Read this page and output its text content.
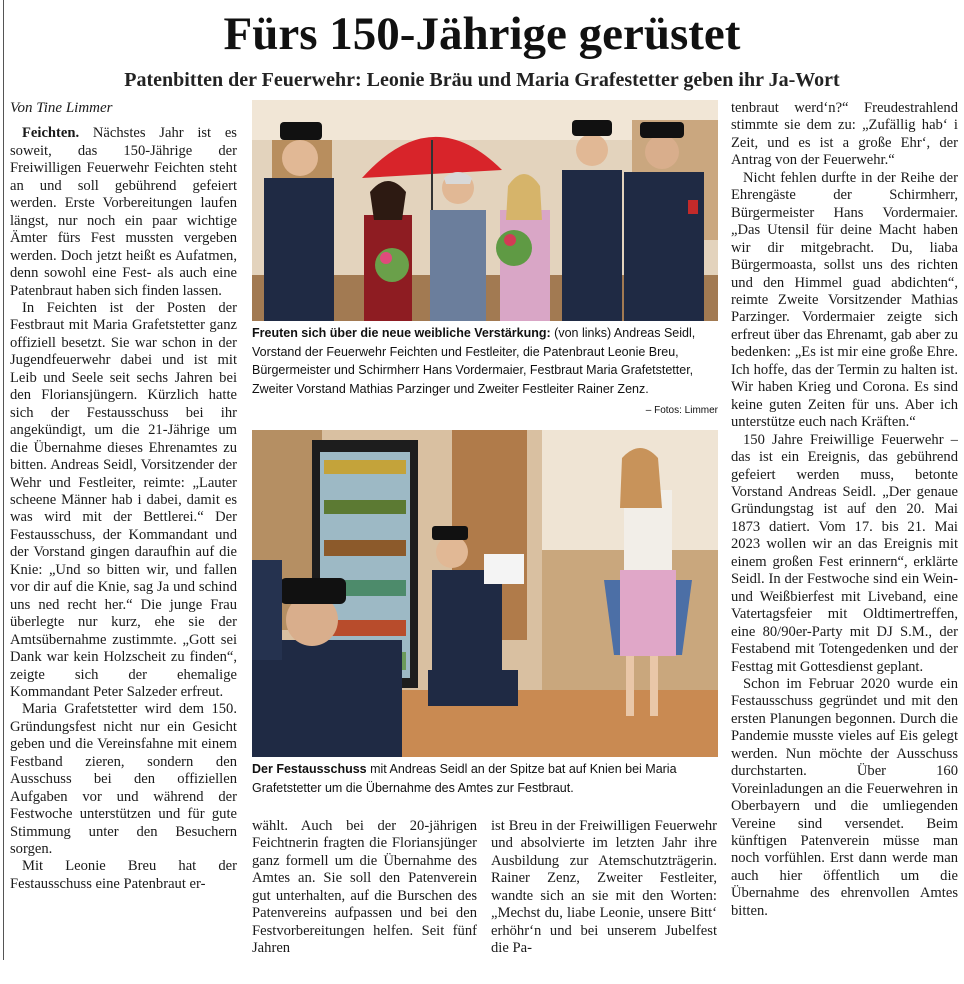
Fürs 150-Jährige gerüstet
Patenbitten der Feuerwehr: Leonie Bräu und Maria Grafestetter geben ihr Ja-Wort

Von Tine Limmer

Feichten. Nächstes Jahr ist es soweit, das 150-Jährige der Freiwilligen Feuerwehr Feichten steht an und soll gebührend gefeiert werden. Erste Vorbereitungen laufen längst, nur noch ein paar wichtige Ämter fürs Fest mussten vergeben werden. Doch jetzt heißt es Aufatmen, denn sowohl eine Fest- als auch eine Patenbraut haben sich finden lassen.

In Feichten ist der Posten der Festbraut mit Maria Grafetstetter ganz offiziell besetzt. Sie war schon in der Jugendfeuerwehr dabei und ist mit Leib und Seele seit sechs Jahren bei den Floriansjüngern. Kürzlich hatte sich der Festausschuss bei ihr angekündigt, um die 21-Jährige um die Übernahme dieses Ehrenamtes zu bitten. Andreas Seidl, Vorsitzender der Wehr und Festleiter, reimte: „Lauter scheene Männer hab i dabei, damit es was wird mit der Bettlerei.“ Der Festausschuss, der Kommandant und der Vorstand gingen daraufhin auf die Knie: „Und so bitten wir, und fallen vor dir auf die Knie, sag Ja und schind uns ned recht her.“ Die junge Frau überlegte nur kurz, ehe sie der Amtsübernahme zustimmte. „Gott sei Dank war kein Holzscheit zu finden“, zeigte sich der ehemalige Kommandant Peter Salzeder erfreut.

Maria Grafetstetter wird dem 150. Gründungsfest nicht nur ein Gesicht geben und die Vereinsfahne mit einem Festband zieren, sondern den Ausschuss bei den offiziellen Aufgaben vor und während der Festwoche unterstützen und für gute Stimmung unter den Besuchern sorgen.

Mit Leonie Breu hat der Festausschuss eine Patenbraut er-

Freuten sich über die neue weibliche Verstärkung: (von links) Andreas Seidl, Vorstand der Feuerwehr Feichten und Festleiter, die Patenbraut Leonie Breu, Bürgermeister und Schirmherr Hans Vordermaier, Festbraut Maria Grafetstetter, Zweiter Vorstand Mathias Parzinger und Zweiter Festleiter Rainer Zenz.
– Fotos: Limmer
Der Festausschuss mit Andreas Seidl an der Spitze bat auf Knien bei Maria Grafetstetter um die Übernahme des Amtes zur Festbraut.

wählt. Auch bei der 20-jährigen Feichtnerin fragten die Floriansjünger ganz formell um die Übernahme des Amtes an. Sie soll den Patenverein gut unterhalten, auf die Burschen des Patenvereins aufpassen und bei den Festvorbereitungen helfen. Seit fünf Jahren

ist Breu in der Freiwilligen Feuerwehr und absolvierte im letzten Jahr ihre Ausbildung zur Atemschutzträgerin. Rainer Zenz, Zweiter Festleiter, wandte sich an sie mit den Worten: „Mechst du, liabe Leonie, unsere Bitt‘ erhöhr‘n und bei unserem Jubelfest die Pa-

tenbraut werd‘n?“ Freudestrahlend stimmte sie dem zu: „Zufällig hab‘ i Zeit, und es ist a große Ehr‘, der Antrag von der Feuerwehr.“

Nicht fehlen durfte in der Reihe der Ehrengäste der Schirmherr, Bürgermeister Hans Vordermaier. „Das Utensil für deine Macht haben wir dir mitgebracht. Du, liaba Bürgermoasta, sollst uns des richten und den Himmel guad abdichten“, reimte Zweite Vorsitzender Mathias Parzinger. Vordermaier zeigte sich erfreut über das Ehrenamt, gab aber zu bedenken: „Es ist mir eine große Ehre. Ich hoffe, das der Termin zu halten ist. Wir haben Krieg und Corona. Es sind keine guten Zeiten für uns. Aber ich unterstütze euch nach Kräften.“

150 Jahre Freiwillige Feuerwehr – das ist ein Ereignis, das gebührend gefeiert werden muss, betonte Vorstand Andreas Seidl. „Der genaue Gründungstag ist auf den 20. Mai 1873 datiert. Vom 17. bis 21. Mai 2023 wollen wir an das Ereignis mit einem großen Fest erinnern“, erklärte Seidl. In der Festwoche sind ein Wein- und Weißbierfest mit Liveband, eine Vatertagsfeier mit Oldtimertreffen, eine 80/90er-Party mit DJ S.M., der Festabend mit Totengedenken und der Festtag mit Gottesdienst geplant.

Schon im Februar 2020 wurde ein Festausschuss gegründet und mit den ersten Planungen begonnen. Durch die Pandemie musste vieles auf Eis gelegt werden. Nun möchte der Ausschuss durchstarten. Über 160 Voreinladungen an die Feuerwehren in Oberbayern und die umliegenden Vereine sind versendet. Beim künftigen Patenverein müsse man noch vorfühlen. Erst dann werde man auch hier öffentlich um die Übernahme des ehrenvollen Amtes bitten.
